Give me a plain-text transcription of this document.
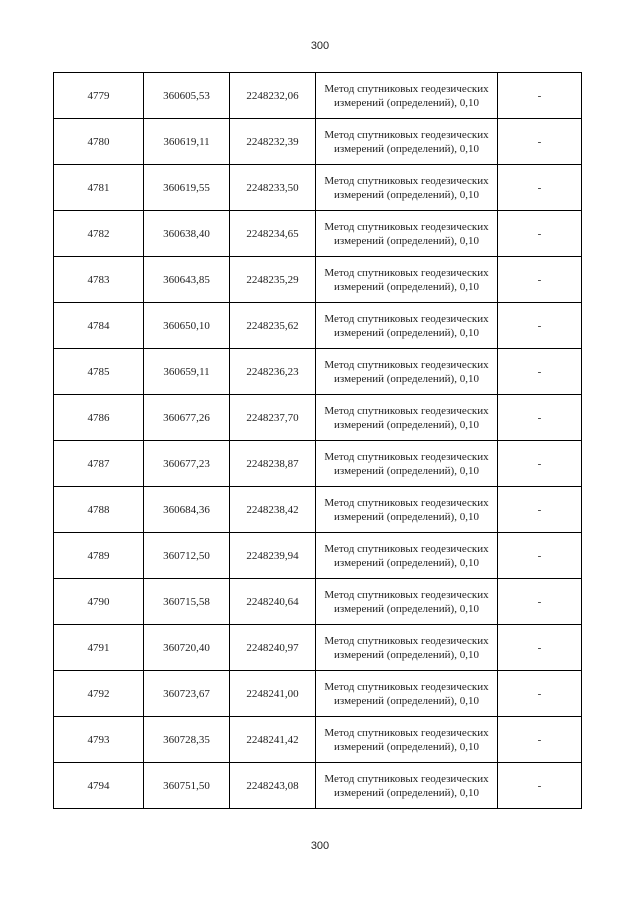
300
4779	360605,53	2248232,06	Метод спутниковых геодезических измерений (определений), 0,10	-
4780	360619,11	2248232,39	Метод спутниковых геодезических измерений (определений), 0,10	-
4781	360619,55	2248233,50	Метод спутниковых геодезических измерений (определений), 0,10	-
4782	360638,40	2248234,65	Метод спутниковых геодезических измерений (определений), 0,10	-
4783	360643,85	2248235,29	Метод спутниковых геодезических измерений (определений), 0,10	-
4784	360650,10	2248235,62	Метод спутниковых геодезических измерений (определений), 0,10	-
4785	360659,11	2248236,23	Метод спутниковых геодезических измерений (определений), 0,10	-
4786	360677,26	2248237,70	Метод спутниковых геодезических измерений (определений), 0,10	-
4787	360677,23	2248238,87	Метод спутниковых геодезических измерений (определений), 0,10	-
4788	360684,36	2248238,42	Метод спутниковых геодезических измерений (определений), 0,10	-
4789	360712,50	2248239,94	Метод спутниковых геодезических измерений (определений), 0,10	-
4790	360715,58	2248240,64	Метод спутниковых геодезических измерений (определений), 0,10	-
4791	360720,40	2248240,97	Метод спутниковых геодезических измерений (определений), 0,10	-
4792	360723,67	2248241,00	Метод спутниковых геодезических измерений (определений), 0,10	-
4793	360728,35	2248241,42	Метод спутниковых геодезических измерений (определений), 0,10	-
4794	360751,50	2248243,08	Метод спутниковых геодезических измерений (определений), 0,10	-
300
